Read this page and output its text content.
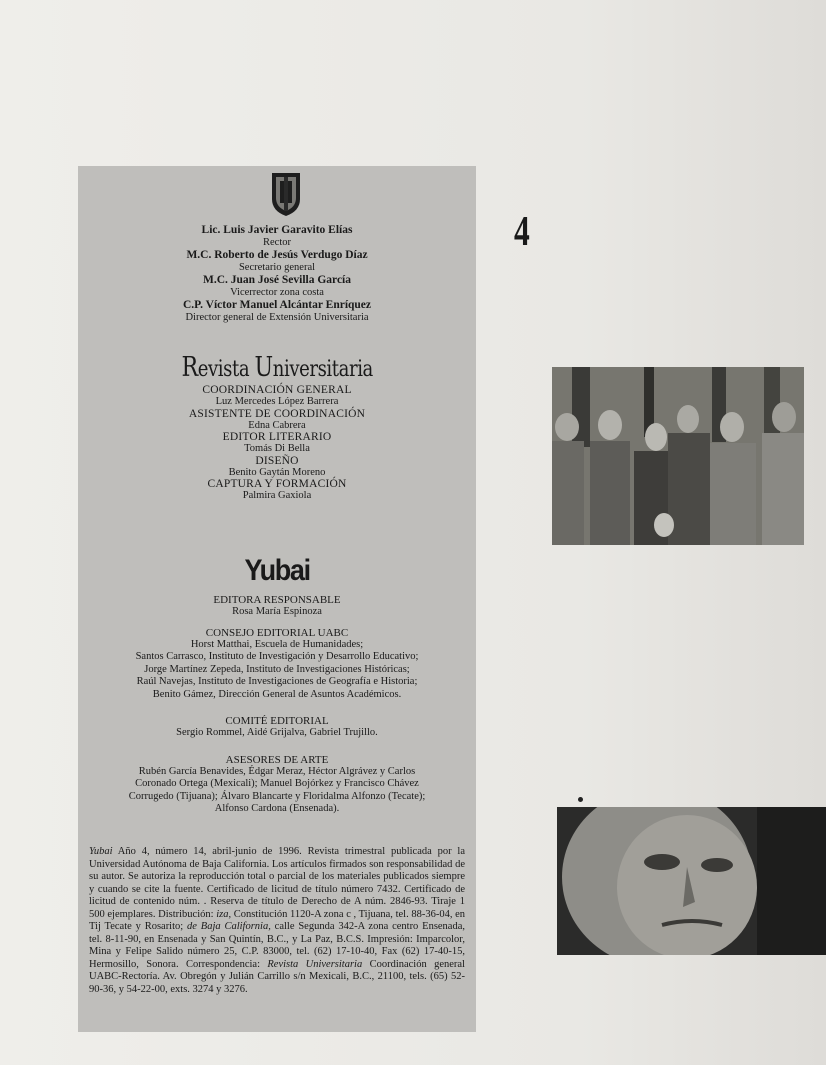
Lic. Luis Javier Garavito Elías
Rector
M.C. Roberto de Jesús Verdugo Díaz
Secretario general
M.C. Juan José Sevilla García
Vicerrector zona costa
C.P. Víctor Manuel Alcántar Enríquez
Director general de Extensión Universitaria
Revista Universitaria
COORDINACIÓN GENERAL
Luz Mercedes López Barrera
ASISTENTE DE COORDINACIÓN
Edna Cabrera
EDITOR LITERARIO
Tomás Di Bella
DISEÑO
Benito Gaytán Moreno
CAPTURA Y FORMACIÓN
Palmira Gaxiola
Yubai
EDITORA RESPONSABLE
Rosa María Espinoza
CONSEJO EDITORIAL UABC
Horst Matthai, Escuela de Humanidades;
Santos Carrasco, Instituto de Investigación y Desarrollo Educativo;
Jorge Martínez Zepeda, Instituto de Investigaciones Históricas;
Raúl Navejas, Instituto de Investigaciones de Geografía e Historia;
Benito Gámez, Dirección General de Asuntos Académicos.
COMITÉ EDITORIAL
Sergio Rommel, Aidé Grijalva, Gabriel Trujillo.
ASESORES DE ARTE
Rubén García Benavides, Édgar Meraz, Héctor Algrávez y Carlos
Coronado Ortega (Mexicali); Manuel Bojórkez y Francisco Chávez
Corrugedo (Tijuana); Álvaro Blancarte y Floridalma Alfonzo (Tecate);
Alfonso Cardona (Ensenada).
Yubai Año 4, número 14, abril-junio de 1996. Revista trimestral publicada por la Universidad Autónoma de Baja California. Los artículos firmados son responsabilidad de su autor. Se autoriza la reproducción total o parcial de los materiales publicados siempre y cuando se cite la fuente. Certificado de licitud de título número 7432. Certificado de licitud de contenido núm. . Reserva de título de Derecho de A núm. 2846-93. Tiraje 1 500 ejemplares. Distribución: iza, Constitución 1120-A zona c , Tijuana, tel. 88-36-04, en Tij Tecate y Rosarito; de Baja California, calle Segunda 342-A zona centro Ensenada, tel. 8-11-90, en Ensenada y San Quintín, B.C., y La Paz, B.C.S. Impresión: Imparcolor, Mina y Felipe Salido número 25, C.P. 83000, tel. (62) 17-10-40, Fax (62) 17-40-15, Hermosillo, Sonora. Correspondencia: Revista Universitaria Coordinación general UABC-Rectoría. Av. Obregón y Julián Carrillo s/n Mexicali, B.C., 21100, tels. (65) 52-90-36, y 54-22-00, exts. 3274 y 3276.
4
